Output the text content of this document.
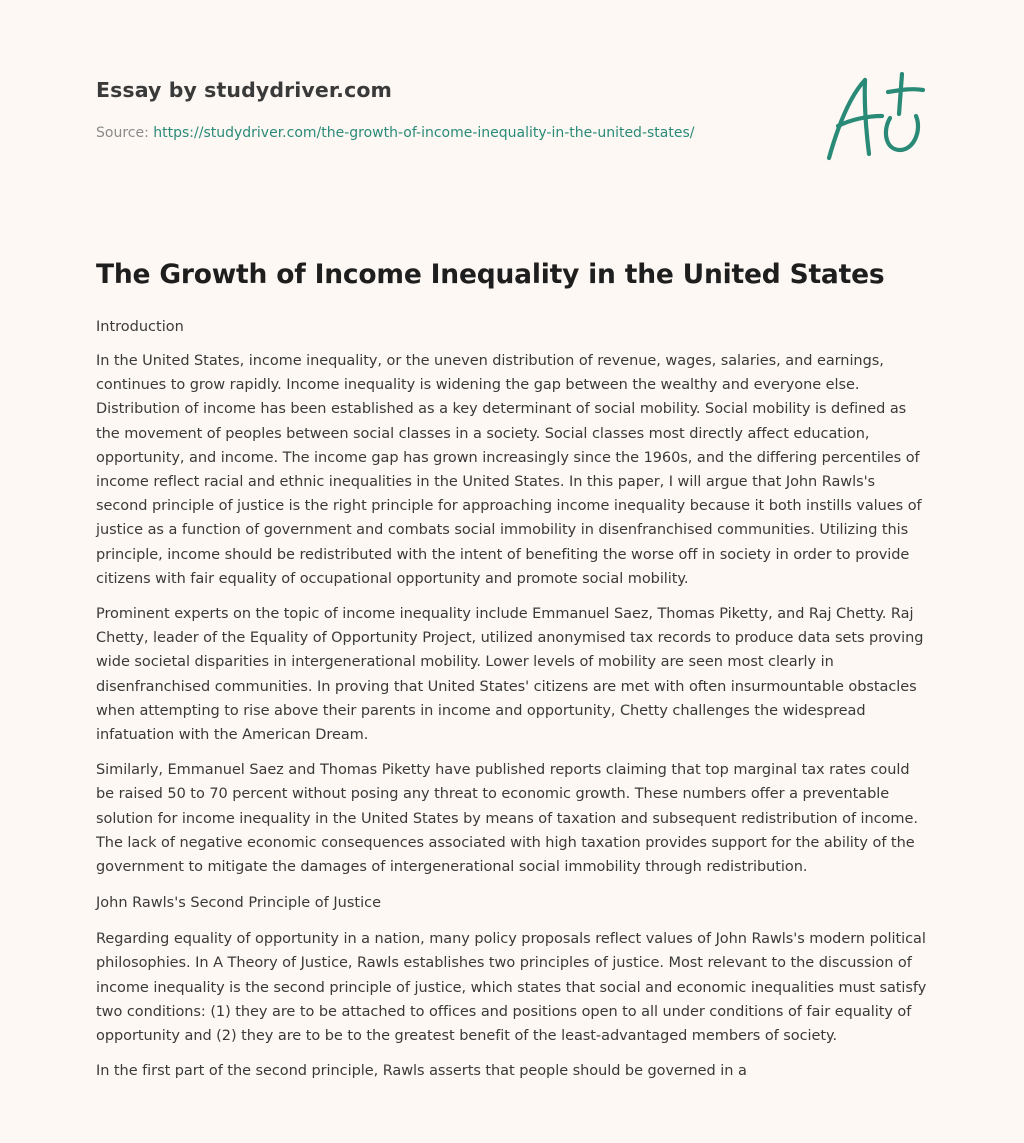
Essay by studydriver.com
Source: https://studydriver.com/the-growth-of-income-inequality-in-the-united-states/
The Growth of Income Inequality in the United States

Introduction

In the United States, income inequality, or the uneven distribution of revenue, wages, salaries, and earnings, continues to grow rapidly. Income inequality is widening the gap between the wealthy and everyone else. Distribution of income has been established as a key determinant of social mobility. Social mobility is defined as the movement of peoples between social classes in a society. Social classes most directly affect education, opportunity, and income. The income gap has grown increasingly since the 1960s, and the differing percentiles of income reflect racial and ethnic inequalities in the United States. In this paper, I will argue that John Rawls's second principle of justice is the right principle for approaching income inequality because it both instills values of justice as a function of government and combats social immobility in disenfranchised communities. Utilizing this principle, income should be redistributed with the intent of benefiting the worse off in society in order to provide citizens with fair equality of occupational opportunity and promote social mobility.

Prominent experts on the topic of income inequality include Emmanuel Saez, Thomas Piketty, and Raj Chetty. Raj Chetty, leader of the Equality of Opportunity Project, utilized anonymised tax records to produce data sets proving wide societal disparities in intergenerational mobility. Lower levels of mobility are seen most clearly in disenfranchised communities. In proving that United States' citizens are met with often insurmountable obstacles when attempting to rise above their parents in income and opportunity, Chetty challenges the widespread infatuation with the American Dream.

Similarly, Emmanuel Saez and Thomas Piketty have published reports claiming that top marginal tax rates could be raised 50 to 70 percent without posing any threat to economic growth. These numbers offer a preventable solution for income inequality in the United States by means of taxation and subsequent redistribution of income. The lack of negative economic consequences associated with high taxation provides support for the ability of the government to mitigate the damages of intergenerational social immobility through redistribution.

John Rawls's Second Principle of Justice

Regarding equality of opportunity in a nation, many policy proposals reflect values of John Rawls's modern political philosophies. In A Theory of Justice, Rawls establishes two principles of justice. Most relevant to the discussion of income inequality is the second principle of justice, which states that social and economic inequalities must satisfy two conditions: (1) they are to be attached to offices and positions open to all under conditions of fair equality of opportunity and (2) they are to be to the greatest benefit of the least-advantaged members of society.

In the first part of the second principle, Rawls asserts that people should be governed in a
